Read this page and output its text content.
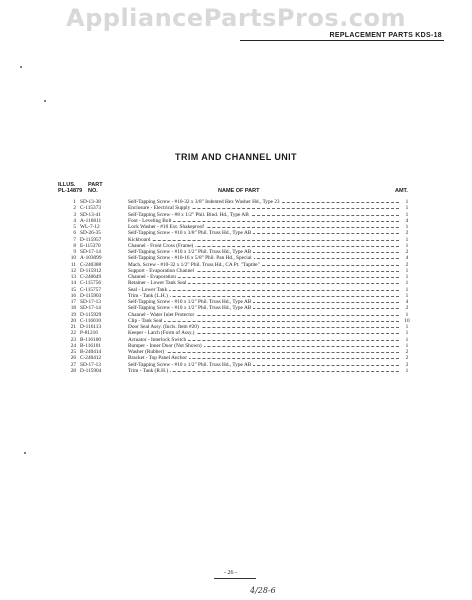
AppliancePartsPros.com
REPLACEMENT PARTS KDS-18
TRIM AND CHANNEL UNIT
ILLUS.
PL-14879
PART
NO.	NAME OF PART	AMT.
1 SD-13-38	Self-Tapping Screw - #10-32 x 3/8" Indented Hex Washer Hd., Type 23	1
2 C-115373	Enclosure - Electrical Supply	1
3 SD-13-41	Self-Tapping Screw - #8 x 1/2" Phil. Bind. Hd., Type AB	1
4 A-116811	Foot - Leveling Bolt	4
5 WL-7-12	Lock Washer - #10 Ext. Shakeproof	1
6 SD-26-35	Self-Tapping Screw - #10 x 3/8" Phil. Truss Hd., Type AB	2
7 D-115957	Kickboard	1
8 E-115370	Channel - Front Cross (Frame)	1
9 SD-17-14	Self-Tapping Screw - #10 x 1/2" Phil. Truss Hd., Type AB	2
10 A-103099	Self-Tapping Screw - #10-16 x 5/8" Phil. Pan Hd., Special	4
11 C-240388	Mach. Screw - #10-32 x 1/2" Phil. Truss Hd., CA Pt. "Taptite"	2
12 D-115912	Support - Evaporation Channel	1
13 C-240649	Channel - Evaporation	1
14 C-115756	Retainer - Lower Tank Seal	1
15 C-115757	Seal - Lower Tank	1
16 D-115903	Trim - Tank (L.H.)	1
17 SD-17-13	Self-Tapping Screw - #10 x 1/2" Phil. Truss Hd., Type AB	4
18 SD-17-14	Self-Tapping Screw - #10 x 1/2" Phil. Truss Hd., Type AB	2
19 D-115929	Channel - Water Inlet Protector	1
20 C-116010	Clip - Tank Seal	10
21 D-116113	Door Seal Assy. (Incls. Item #20)	1
22 P-81216	Keeper - Latch (Form of Assy.)	1
23 B-116100	Actuator - Interlock Switch	1
24 B-116101	Bumper - Inner Door (Not Shown)	1
25 B-240414	Washer (Rubber)	2
26 C-240412	Bracket - Top Panel Anchor	2
27 SD-17-13	Self-Tapping Screw - #10 x 1/2" Phil. Truss Hd., Type AB	2
28 D-115904	Trim - Tank (R.H.)	1
- 26 -
4/28-6
